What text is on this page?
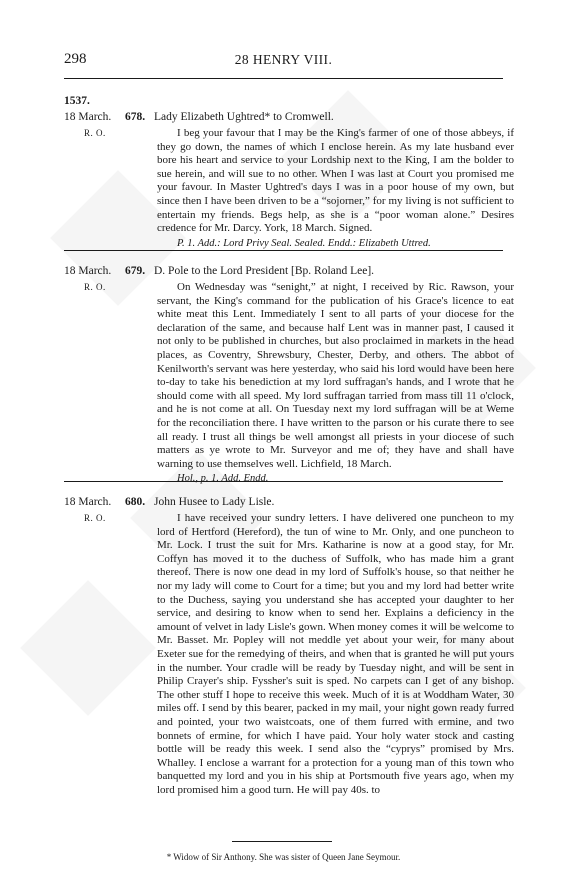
298	28 HENRY VIII.
1537.
18 March. 678. Lady Elizabeth Ughtred* to Cromwell.
R. O.	I beg your favour that I may be the King's farmer of one of those abbeys, if they go down, the names of which I enclose herein. As my late husband ever bore his heart and service to your Lordship next to the King, I am the bolder to sue herein, and will sue to no other. When I was last at Court you promised me your favour. In Master Ughtred's days I was in a poor house of my own, but since then I have been driven to be a “sojorner,” for my living is not sufficient to entertain my friends. Begs help, as she is a “poor woman alone.” Desires credence for Mr. Darcy. York, 18 March. Signed.
P. 1. Add.: Lord Privy Seal. Sealed. Endd.: Elizabeth Uttred.
18 March. 679. D. Pole to the Lord President [Bp. Roland Lee].
R. O.	On Wednesday was “senight,” at night, I received by Ric. Rawson, your servant, the King's command for the publication of his Grace's licence to eat white meat this Lent. Immediately I sent to all parts of your diocese for the declaration of the same, and because half Lent was in manner past, I caused it not only to be published in churches, but also proclaimed in markets in the head places, as Coventry, Shrewsbury, Chester, Derby, and others. The abbot of Kenilworth's servant was here yesterday, who said his lord would have been here to-day to take his benediction at my lord suffragan's hands, and I wrote that he should come with all speed. My lord suffragan tarried from mass till 11 o'clock, and he is not come at all. On Tuesday next my lord suffragan will be at Weme for the reconciliation there. I have written to the parson or his curate there to see all ready. I trust all things be well amongst all priests in your diocese of such matters as ye wrote to Mr. Surveyor and me of; they have and shall have warning to use themselves well. Lichfield, 18 March.
Hol., p. 1. Add. Endd.
18 March. 680. John Husee to Lady Lisle.
R. O.	I have received your sundry letters. I have delivered one puncheon to my lord of Hertford (Hereford), the tun of wine to Mr. Only, and one puncheon to Mr. Lock. I trust the suit for Mrs. Katharine is now at a good stay, for Mr. Coffyn has moved it to the duchess of Suffolk, who has made him a grant thereof. There is now one dead in my lord of Suffolk's house, so that neither he nor my lady will come to Court for a time; but you and my lord had better write to the Duchess, saying you understand she has accepted your daughter to her service, and desiring to know when to send her. Explains a deficiency in the amount of velvet in lady Lisle's gown. When money comes it will be welcome to Mr. Basset. Mr. Popley will not meddle yet about your weir, for many about Exeter sue for the remedying of theirs, and when that is granted he will put yours in the number. Your cradle will be ready by Tuesday night, and will be sent in Philip Crayer's ship. Fyssher's suit is sped. No carpets can I get of any bishop. The other stuff I hope to receive this week. Much of it is at Woddham Water, 30 miles off. I send by this bearer, packed in my mail, your night gown ready furred and pointed, your two waistcoats, one of them furred with ermine, and two bonnets of ermine, for which I have paid. Your holy water stock and casting bottle will be ready this week. I send also the “cyprys” promised by Mrs. Whalley. I enclose a warrant for a protection for a young man of this town who banquetted my lord and you in his ship at Portsmouth five years ago, when my lord promised him a good turn. He will pay 40s. to
* Widow of Sir Anthony. She was sister of Queen Jane Seymour.
